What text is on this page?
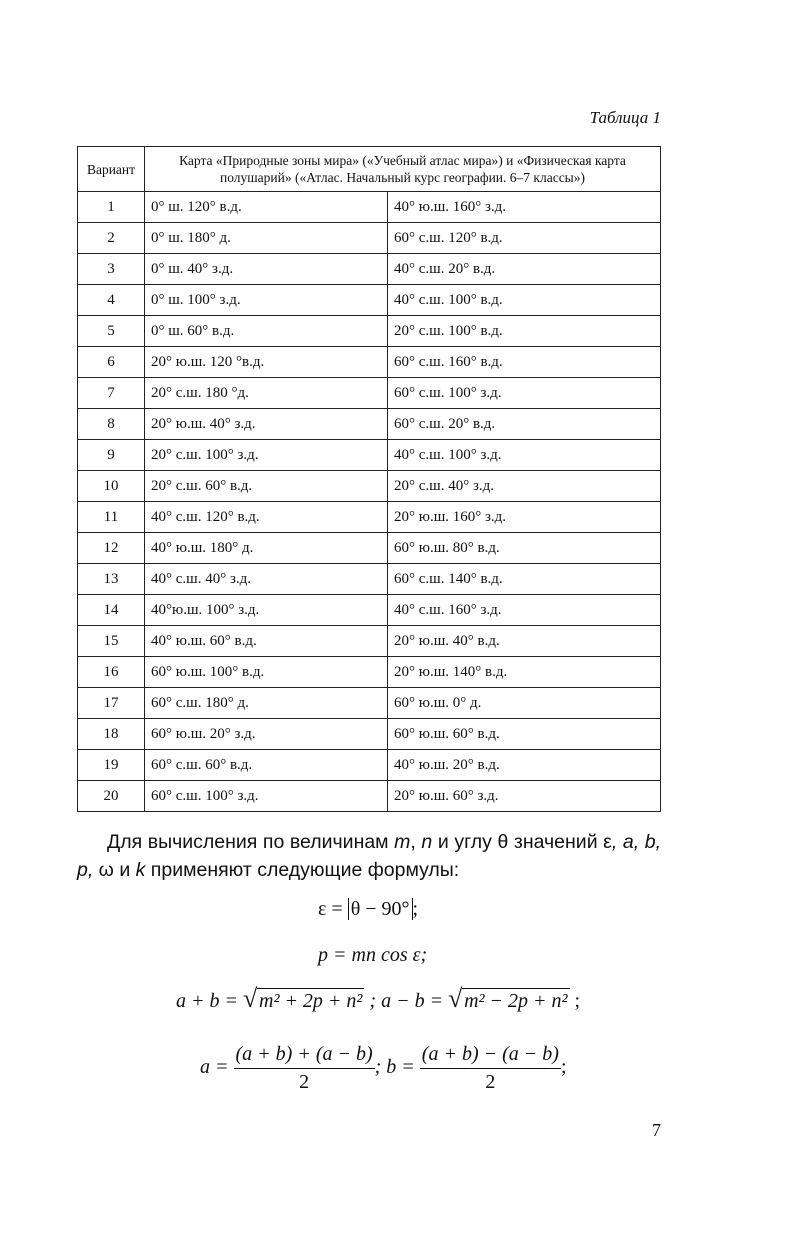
Таблица 1
Вариант	Карта «Природные зоны мира» («Учебный атлас мира») и «Физическая карта полушарий» («Атлас. Начальный курс географии. 6–7 классы»)	
1	0° ш. 120° в.д.	40° ю.ш. 160° з.д.
2	0° ш. 180° д.	60° с.ш. 120° в.д.
3	0° ш. 40° з.д.	40° с.ш. 20° в.д.
4	0° ш. 100° з.д.	40° с.ш. 100° в.д.
5	0° ш. 60° в.д.	20° с.ш. 100° в.д.
6	20° ю.ш. 120 °в.д.	60° с.ш. 160° в.д.
7	20° с.ш. 180 °д.	60° с.ш. 100° з.д.
8	20° ю.ш. 40° з.д.	60° с.ш. 20° в.д.
9	20° с.ш. 100° з.д.	40° с.ш. 100° з.д.
10	20° с.ш. 60° в.д.	20° с.ш. 40° з.д.
11	40° с.ш. 120° в.д.	20° ю.ш. 160° з.д.
12	40° ю.ш. 180° д.	60° ю.ш. 80° в.д.
13	40° с.ш. 40° з.д.	60° с.ш. 140° в.д.
14	40°ю.ш. 100° з.д.	40° с.ш. 160° з.д.
15	40° ю.ш. 60° в.д.	20° ю.ш. 40° в.д.
16	60° ю.ш. 100° в.д.	20° ю.ш. 140° в.д.
17	60° с.ш. 180° д.	60° ю.ш. 0° д.
18	60° ю.ш. 20° з.д.	60° ю.ш. 60° в.д.
19	60° с.ш. 60° в.д.	40° ю.ш. 20° в.д.
20	60° с.ш. 100° з.д.	20° ю.ш. 60° з.д.
Для вычисления по величинам m, n и углу θ значений ε, a, b, p, ω и k применяют следующие формулы:
ε = θ − 90° ;
p = mn cos ε;
a + b = √ m² + 2p + n² ; a − b = √ m² − 2p + n² ;
$a = \frac{(a + b) + (a - b)}{2}$ ; $b = \frac{(a + b) - (a - b)}{2}$ ;
7
